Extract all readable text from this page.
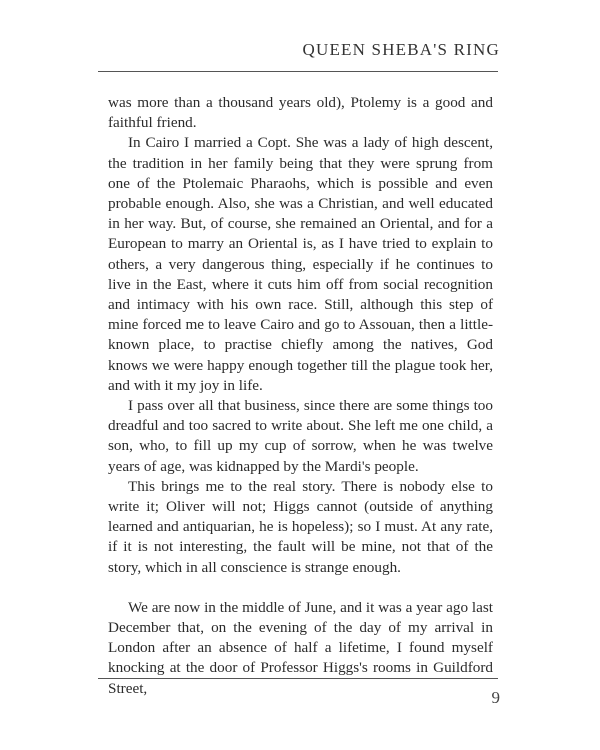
QUEEN SHEBA'S RING

was more than a thousand years old), Ptolemy is a good and faithful friend.

In Cairo I married a Copt. She was a lady of high descent, the tradition in her family being that they were sprung from one of the Ptolemaic Pharaohs, which is possible and even probable enough. Also, she was a Christian, and well educated in her way. But, of course, she remained an Oriental, and for a European to marry an Oriental is, as I have tried to explain to others, a very dangerous thing, especially if he continues to live in the East, where it cuts him off from social recognition and intimacy with his own race. Still, although this step of mine forced me to leave Cairo and go to Assouan, then a little-known place, to practise chiefly among the natives, God knows we were happy enough together till the plague took her, and with it my joy in life.

I pass over all that business, since there are some things too dreadful and too sacred to write about. She left me one child, a son, who, to fill up my cup of sorrow, when he was twelve years of age, was kidnapped by the Mardi's people.

This brings me to the real story. There is nobody else to write it; Oliver will not; Higgs cannot (outside of anything learned and antiquarian, he is hopeless); so I must. At any rate, if it is not interesting, the fault will be mine, not that of the story, which in all conscience is strange enough.

We are now in the middle of June, and it was a year ago last December that, on the evening of the day of my arrival in London after an absence of half a lifetime, I found myself knocking at the door of Professor Higgs's rooms in Guildford Street,	9
